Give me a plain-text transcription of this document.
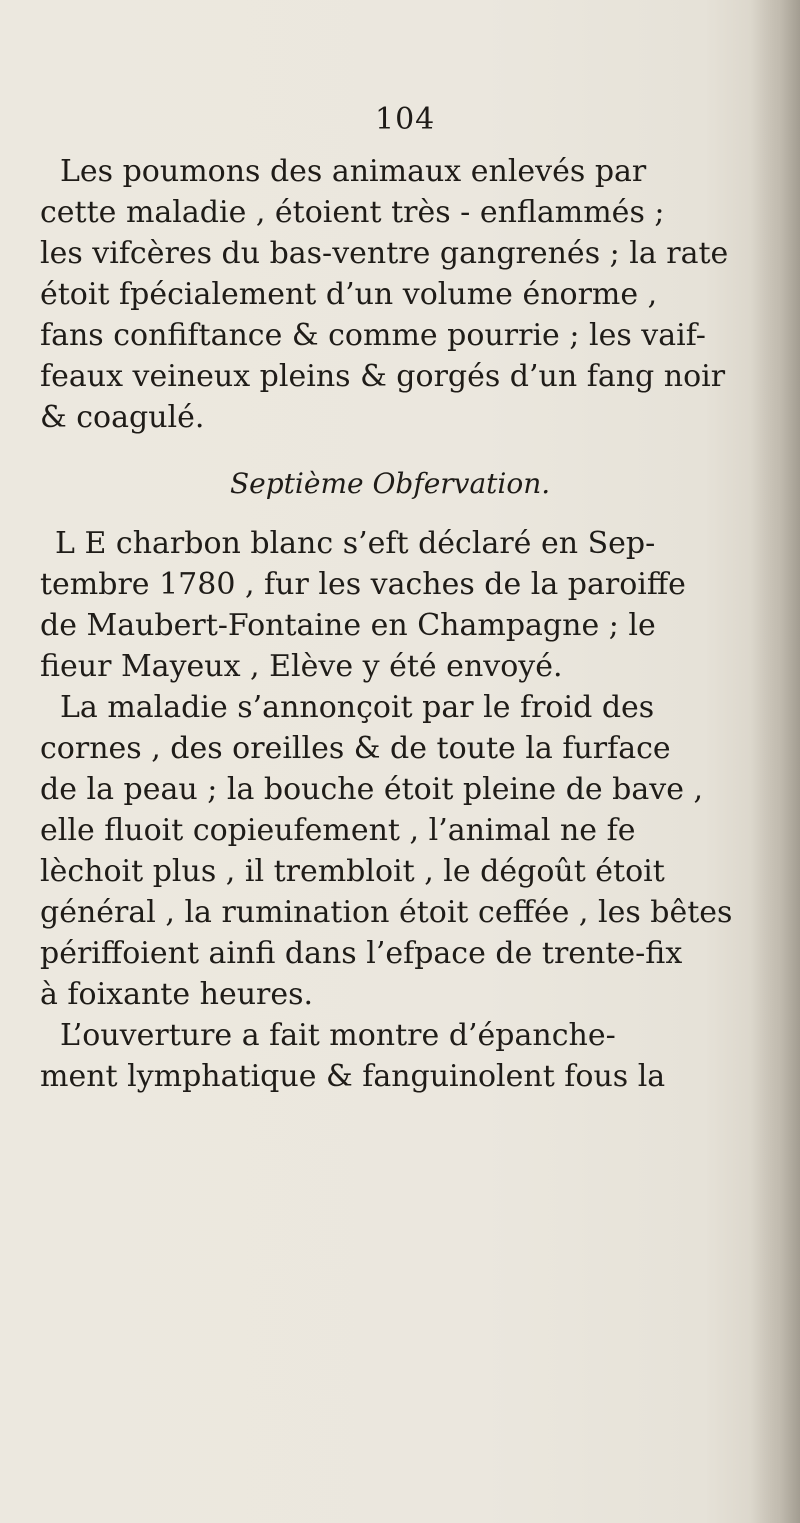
104
Les poumons des animaux enlevés par
cette maladie , étoient très - enflammés ;
les vifcères du bas-ventre gangrenés ; la rate
étoit fpécialement d’un volume énorme ,
fans confiftance & comme pourrie ; les vaif-
feaux veineux pleins & gorgés d’un fang noir
& coagulé.
Septième Obfervation.
L E charbon blanc s’eft déclaré en Sep-
tembre 1780 , fur les vaches de la paroiffe
de Maubert-Fontaine en Champagne ; le
fieur Mayeux , Elève y été envoyé.
La maladie s’annonçoit par le froid des
cornes , des oreilles & de toute la furface
de la peau ; la bouche étoit pleine de bave ,
elle fluoit copieufement , l’animal ne fe
lèchoit plus , il trembloit , le dégoût étoit
général , la rumination étoit ceffée , les bêtes
périffoient ainfi dans l’efpace de trente-fix
à foixante heures.
L’ouverture a fait montre d’épanche-
ment lymphatique & fanguinolent fous la
